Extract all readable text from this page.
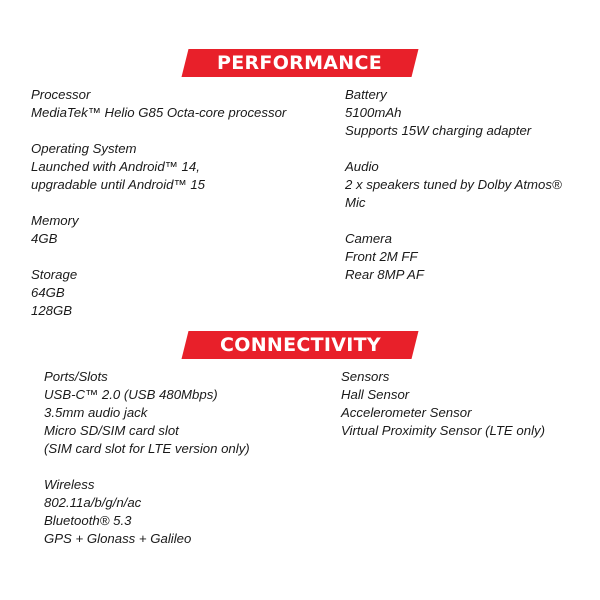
PERFORMANCE
Processor
MediaTek™ Helio G85 Octa-core processor
Operating System
Launched with Android™ 14,
upgradable until Android™ 15
Memory
4GB
Storage
64GB
128GB
Battery
5100mAh
Supports 15W charging adapter
Audio
2 x speakers tuned by Dolby Atmos®
Mic
Camera
Front 2M FF
Rear 8MP AF
CONNECTIVITY
Ports/Slots
USB-C™ 2.0 (USB 480Mbps)
3.5mm audio jack
Micro SD/SIM card slot
(SIM card slot for LTE version only)
Wireless
802.11a/b/g/n/ac
Bluetooth® 5.3
GPS + Glonass + Galileo
Sensors
Hall Sensor
Accelerometer Sensor
Virtual Proximity Sensor (LTE only)
